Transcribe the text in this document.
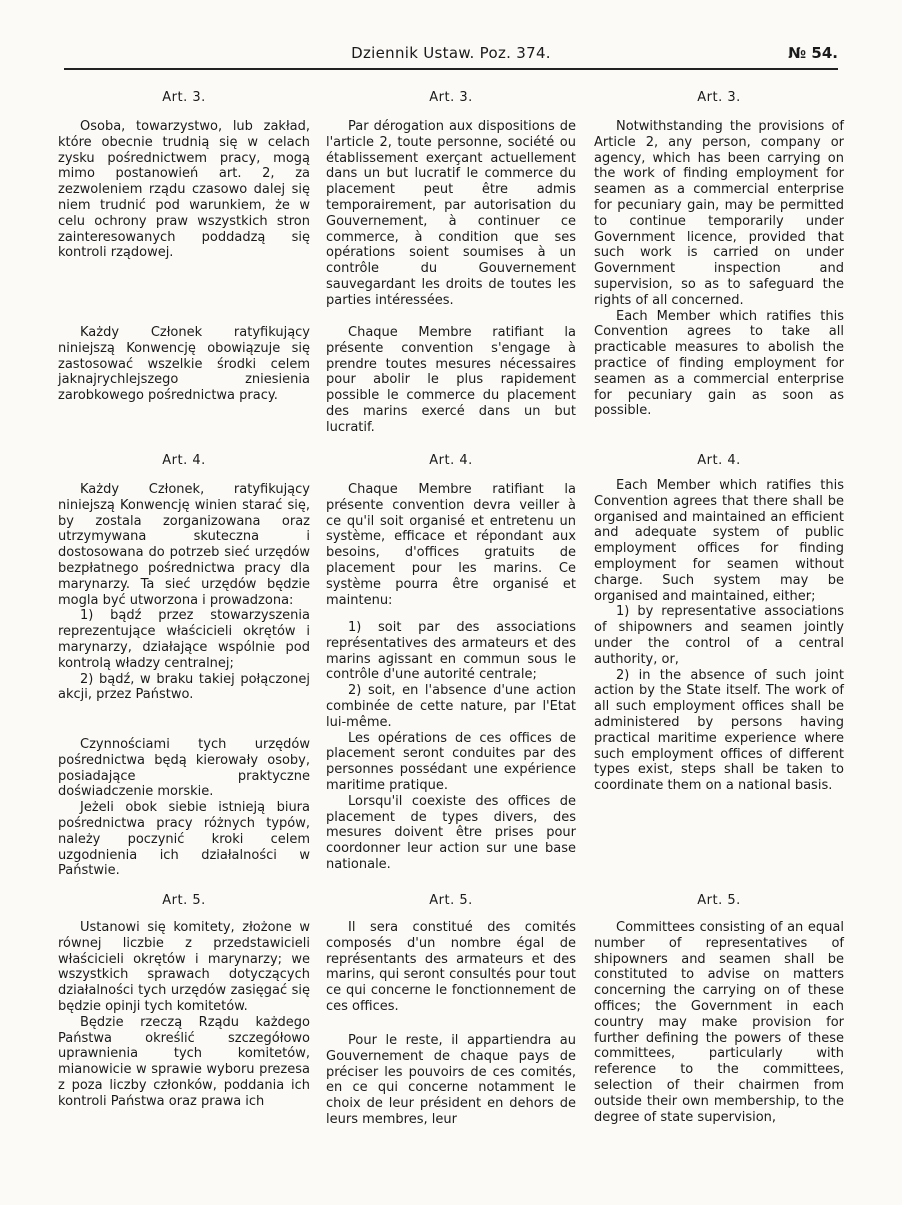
Dziennik Ustaw. Poz. 374.	№ 54.
Art. 3.

Osoba, towarzystwo, lub zakład, które obecnie trudnią się w celach zysku pośrednictwem pracy, mogą mimo postanowień art. 2, za zezwoleniem rządu czasowo dalej się niem trudnić pod warunkiem, że w celu ochrony praw wszystkich stron zainteresowanych poddadzą się kontroli rządowej.

Każdy Członek ratyfikujący niniejszą Konwencję obowiązuje się zastosować wszelkie środki celem jaknajrychlejszego zniesienia zarobkowego pośrednictwa pracy.

Art. 4.

Każdy Członek, ratyfikujący niniejszą Konwencję winien starać się, by zostala zorganizowana oraz utrzymywana skuteczna i dostosowana do potrzeb sieć urzędów bezpłatnego pośrednictwa pracy dla marynarzy. Ta sieć urzędów będzie mogla być utworzona i prowadzona:

1) bądź przez stowarzyszenia reprezentujące właścicieli okrętów i marynarzy, działające wspólnie pod kontrolą władzy centralnej;

2) bądź, w braku takiej połączonej akcji, przez Państwo.

Czynnościami tych urzędów pośrednictwa będą kierowały osoby, posiadające praktyczne doświadczenie morskie.

Jeżeli obok siebie istnieją biura pośrednictwa pracy różnych typów, należy poczynić kroki celem uzgodnienia ich działalności w Państwie.

Art. 5.

Ustanowi się komitety, złożone w równej liczbie z przedstawicieli właścicieli okrętów i marynarzy; we wszystkich sprawach dotyczących działalności tych urzędów zasięgać się będzie opinji tych komitetów.

Będzie rzeczą Rządu każdego Państwa określić szczegółowo uprawnienia tych komitetów, mianowicie w sprawie wyboru prezesa z poza liczby członków, poddania ich kontroli Państwa oraz prawa ich

Art. 3.

Par dérogation aux dispositions de l'article 2, toute personne, société ou établissement exerçant actuellement dans un but lucratif le commerce du placement peut être admis temporairement, par autorisation du Gouvernement, à continuer ce commerce, à condition que ses opérations soient soumises à un contrôle du Gouvernement sauvegardant les droits de toutes les parties intéressées.

Chaque Membre ratifiant la présente convention s'engage à prendre toutes mesures nécessaires pour abolir le plus rapidement possible le commerce du placement des marins exercé dans un but lucratif.

Art. 4.

Chaque Membre ratifiant la présente convention devra veiller à ce qu'il soit organisé et entretenu un système, efficace et répondant aux besoins, d'offices gratuits de placement pour les marins. Ce système pourra être organisé et maintenu:

1) soit par des associations représentatives des armateurs et des marins agissant en commun sous le contrôle d'une autorité centrale;

2) soit, en l'absence d'une action combinée de cette nature, par l'Etat lui-même.

Les opérations de ces offices de placement seront conduites par des personnes possédant une expérience maritime pratique.

Lorsqu'il coexiste des offices de placement de types divers, des mesures doivent être prises pour coordonner leur action sur une base nationale.

Art. 5.

Il sera constitué des comités composés d'un nombre égal de représentants des armateurs et des marins, qui seront consultés pour tout ce qui concerne le fonctionnement de ces offices.

Pour le reste, il appartiendra au Gouvernement de chaque pays de préciser les pouvoirs de ces comités, en ce qui concerne notamment le choix de leur président en dehors de leurs membres, leur

Art. 3.

Notwithstanding the provisions of Article 2, any person, company or agency, which has been carrying on the work of finding employment for seamen as a commercial enterprise for pecuniary gain, may be permitted to continue temporarily under Government licence, provided that such work is carried on under Government inspection and supervision, so as to safeguard the rights of all concerned.

Each Member which ratifies this Convention agrees to take all practicable measures to abolish the practice of finding employment for seamen as a commercial enterprise for pecuniary gain as soon as possible.

Art. 4.

Each Member which ratifies this Convention agrees that there shall be organised and maintained an efficient and adequate system of public employment offices for finding employment for seamen without charge. Such system may be organised and maintained, either;

1) by representative associations of shipowners and seamen jointly under the control of a central authority, or,

2) in the absence of such joint action by the State itself. The work of all such employment offices shall be administered by persons having practical maritime experience where such employment offices of different types exist, steps shall be taken to coordinate them on a national basis.

Art. 5.

Committees consisting of an equal number of representatives of shipowners and seamen shall be constituted to advise on matters concerning the carrying on of these offices; the Government in each country may make provision for further defining the powers of these committees, particularly with reference to the committees, selection of their chairmen from outside their own membership, to the degree of state supervision,
